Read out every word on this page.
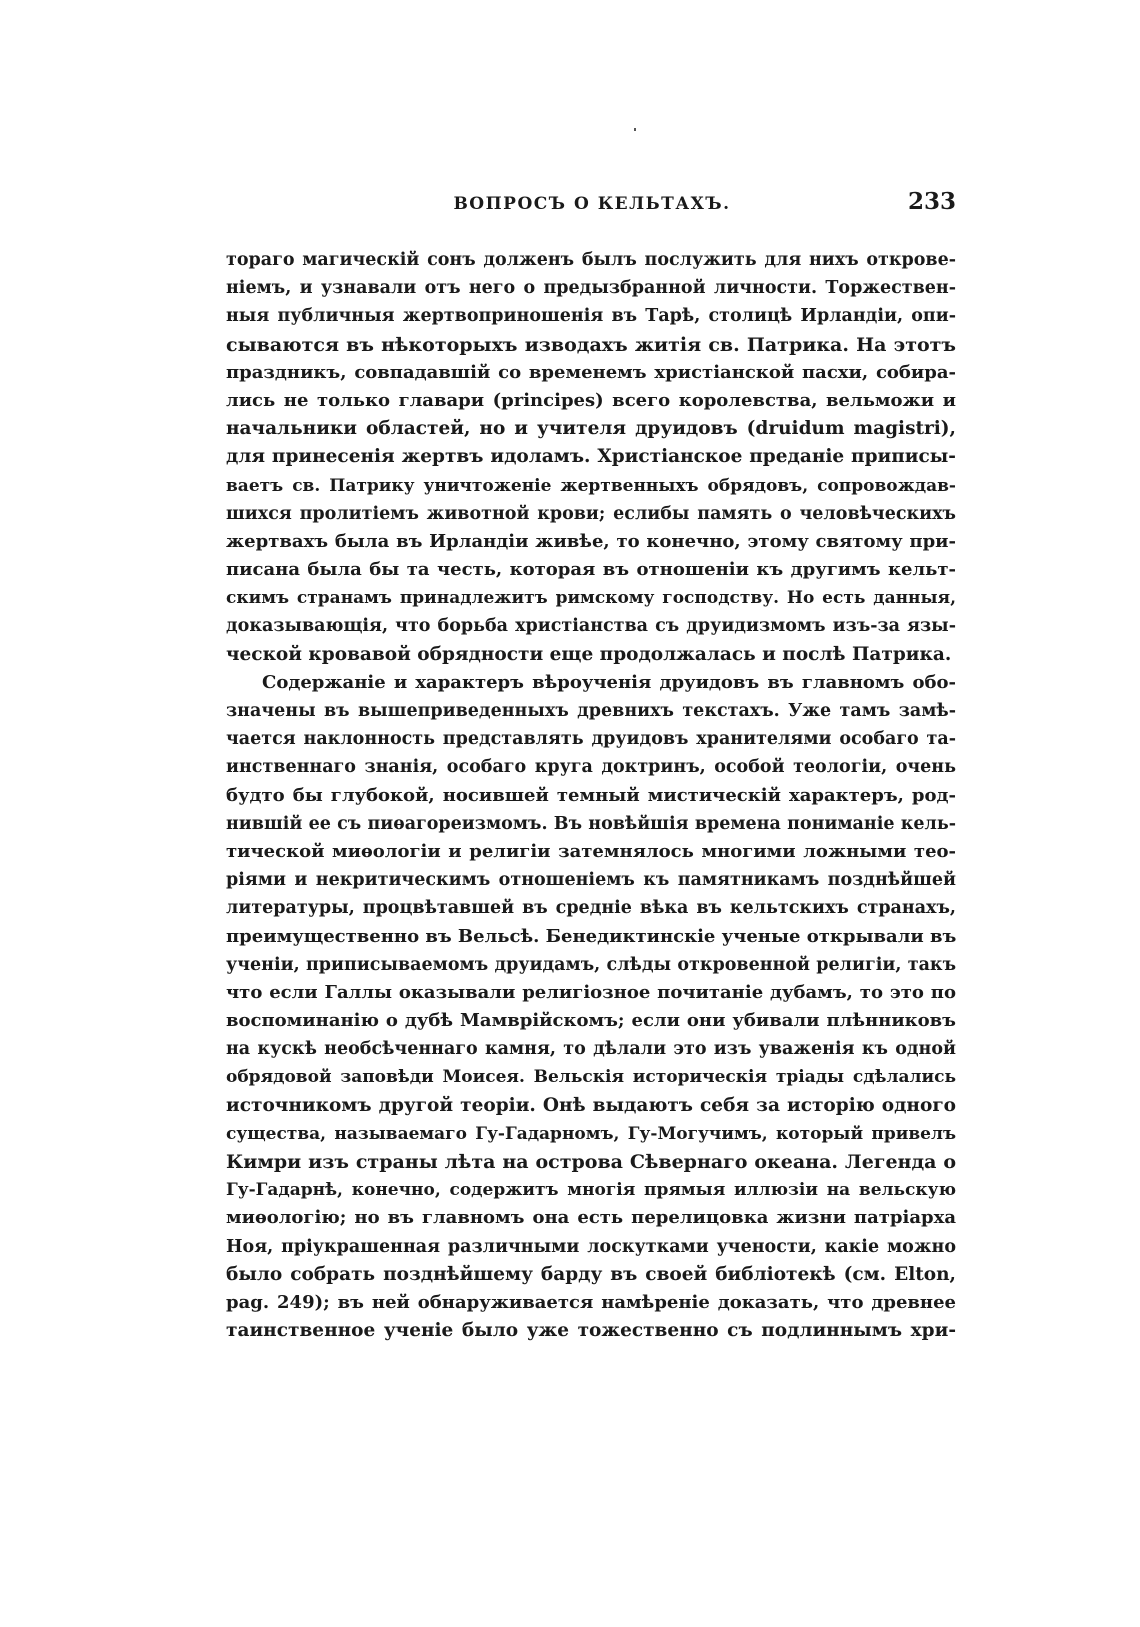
ВОПРОСЪ О КЕЛЬТАХЪ.	233
тораго магическій сонъ долженъ былъ послужить для нихъ открове-
ніемъ, и узнавали отъ него о предызбранной личности. Торжествен-
ныя публичныя жертвоприношенія въ Тарѣ, столицѣ Ирландіи, опи-
сываются въ нѣкоторыхъ изводахъ житія св. Патрика. На этотъ
праздникъ, совпадавшій со временемъ христіанской пасхи, собира-
лись не только главари (principes) всего королевства, вельможи и
начальники областей, но и учителя друидовъ (druidum magistri),
для принесенія жертвъ идоламъ. Христіанское преданіе приписы-
ваетъ св. Патрику уничтоженіе жертвенныхъ обрядовъ, сопровождав-
шихся пролитіемъ животной крови; еслибы память о человѣческихъ
жертвахъ была въ Ирландіи живѣе, то конечно, этому святому при-
писана была бы та честь, которая въ отношеніи къ другимъ кельт-
скимъ странамъ принадлежитъ римскому господству. Но есть данныя,
доказывающія, что борьба христіанства съ друидизмомъ изъ-за язы-
ческой кровавой обрядности еще продолжалась и послѣ Патрика.
Содержаніе и характеръ вѣроученія друидовъ въ главномъ обо-
значены въ вышеприведенныхъ древнихъ текстахъ. Уже тамъ замѣ-
чается наклонность представлять друидовъ хранителями особаго та-
инственнаго знанія, особаго круга доктринъ, особой теологіи, очень
будто бы глубокой, носившей темный мистическій характеръ, род-
нившій ее съ пиѳагореизмомъ. Въ новѣйшія времена пониманіе кель-
тической миѳологіи и религіи затемнялось многими ложными тео-
ріями и некритическимъ отношеніемъ къ памятникамъ позднѣйшей
литературы, процвѣтавшей въ средніе вѣка въ кельтскихъ странахъ,
преимущественно въ Вельсѣ. Бенедиктинскіе ученые открывали въ
ученіи, приписываемомъ друидамъ, слѣды откровенной религіи, такъ
что если Галлы оказывали религіозное почитаніе дубамъ, то это по
воспоминанію о дубѣ Мамврійскомъ; если они убивали плѣнниковъ
на кускѣ необсѣченнаго камня, то дѣлали это изъ уваженія къ одной
обрядовой заповѣди Моисея. Вельскія историческія тріады сдѣлались
источникомъ другой теоріи. Онѣ выдаютъ себя за исторію одного
существа, называемаго Гу-Гадарномъ, Гу-Могучимъ, который привелъ
Кимри изъ страны лѣта на острова Сѣвернаго океана. Легенда о
Гу-Гадарнѣ, конечно, содержитъ многія прямыя иллюзіи на вельскую
миѳологію; но въ главномъ она есть перелицовка жизни патріарха
Ноя, пріукрашенная различными лоскутками учености, какіе можно
было собрать позднѣйшему барду въ своей библіотекѣ (см. Elton,
pag. 249); въ ней обнаруживается намѣреніе доказать, что древнее
таинственное ученіе было уже тожественно съ подлиннымъ хри-
